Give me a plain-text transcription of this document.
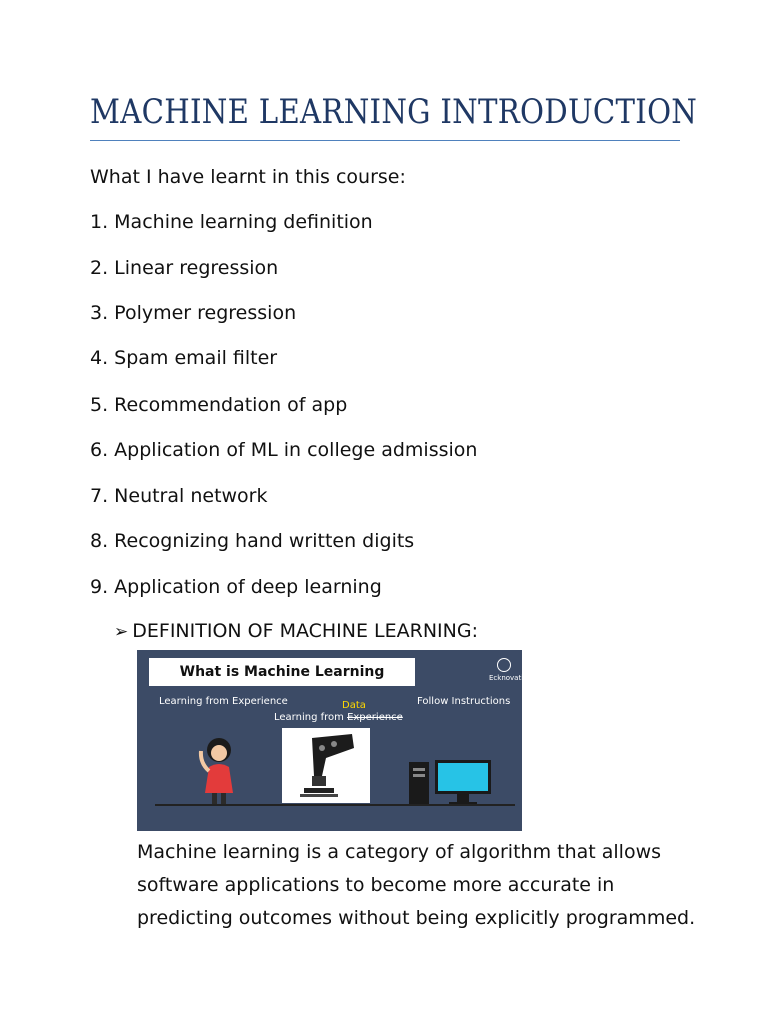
MACHINE LEARNING INTRODUCTION
What I have learnt in this course:
1. Machine learning definition
2. Linear regression
3. Polymer regression
4. Spam email filter
5. Recommendation of app
6. Application of ML in college admission
7. Neutral network
8. Recognizing hand written digits
9. Application of deep learning
➢ DEFINITION OF MACHINE LEARNING:
What is Machine Learning	Ecknovation
Learning from Experience	Data
Learning from Experience
Follow Instructions
Machine learning is a category of algorithm that allows
software applications to become more accurate in
predicting outcomes without being explicitly programmed.
